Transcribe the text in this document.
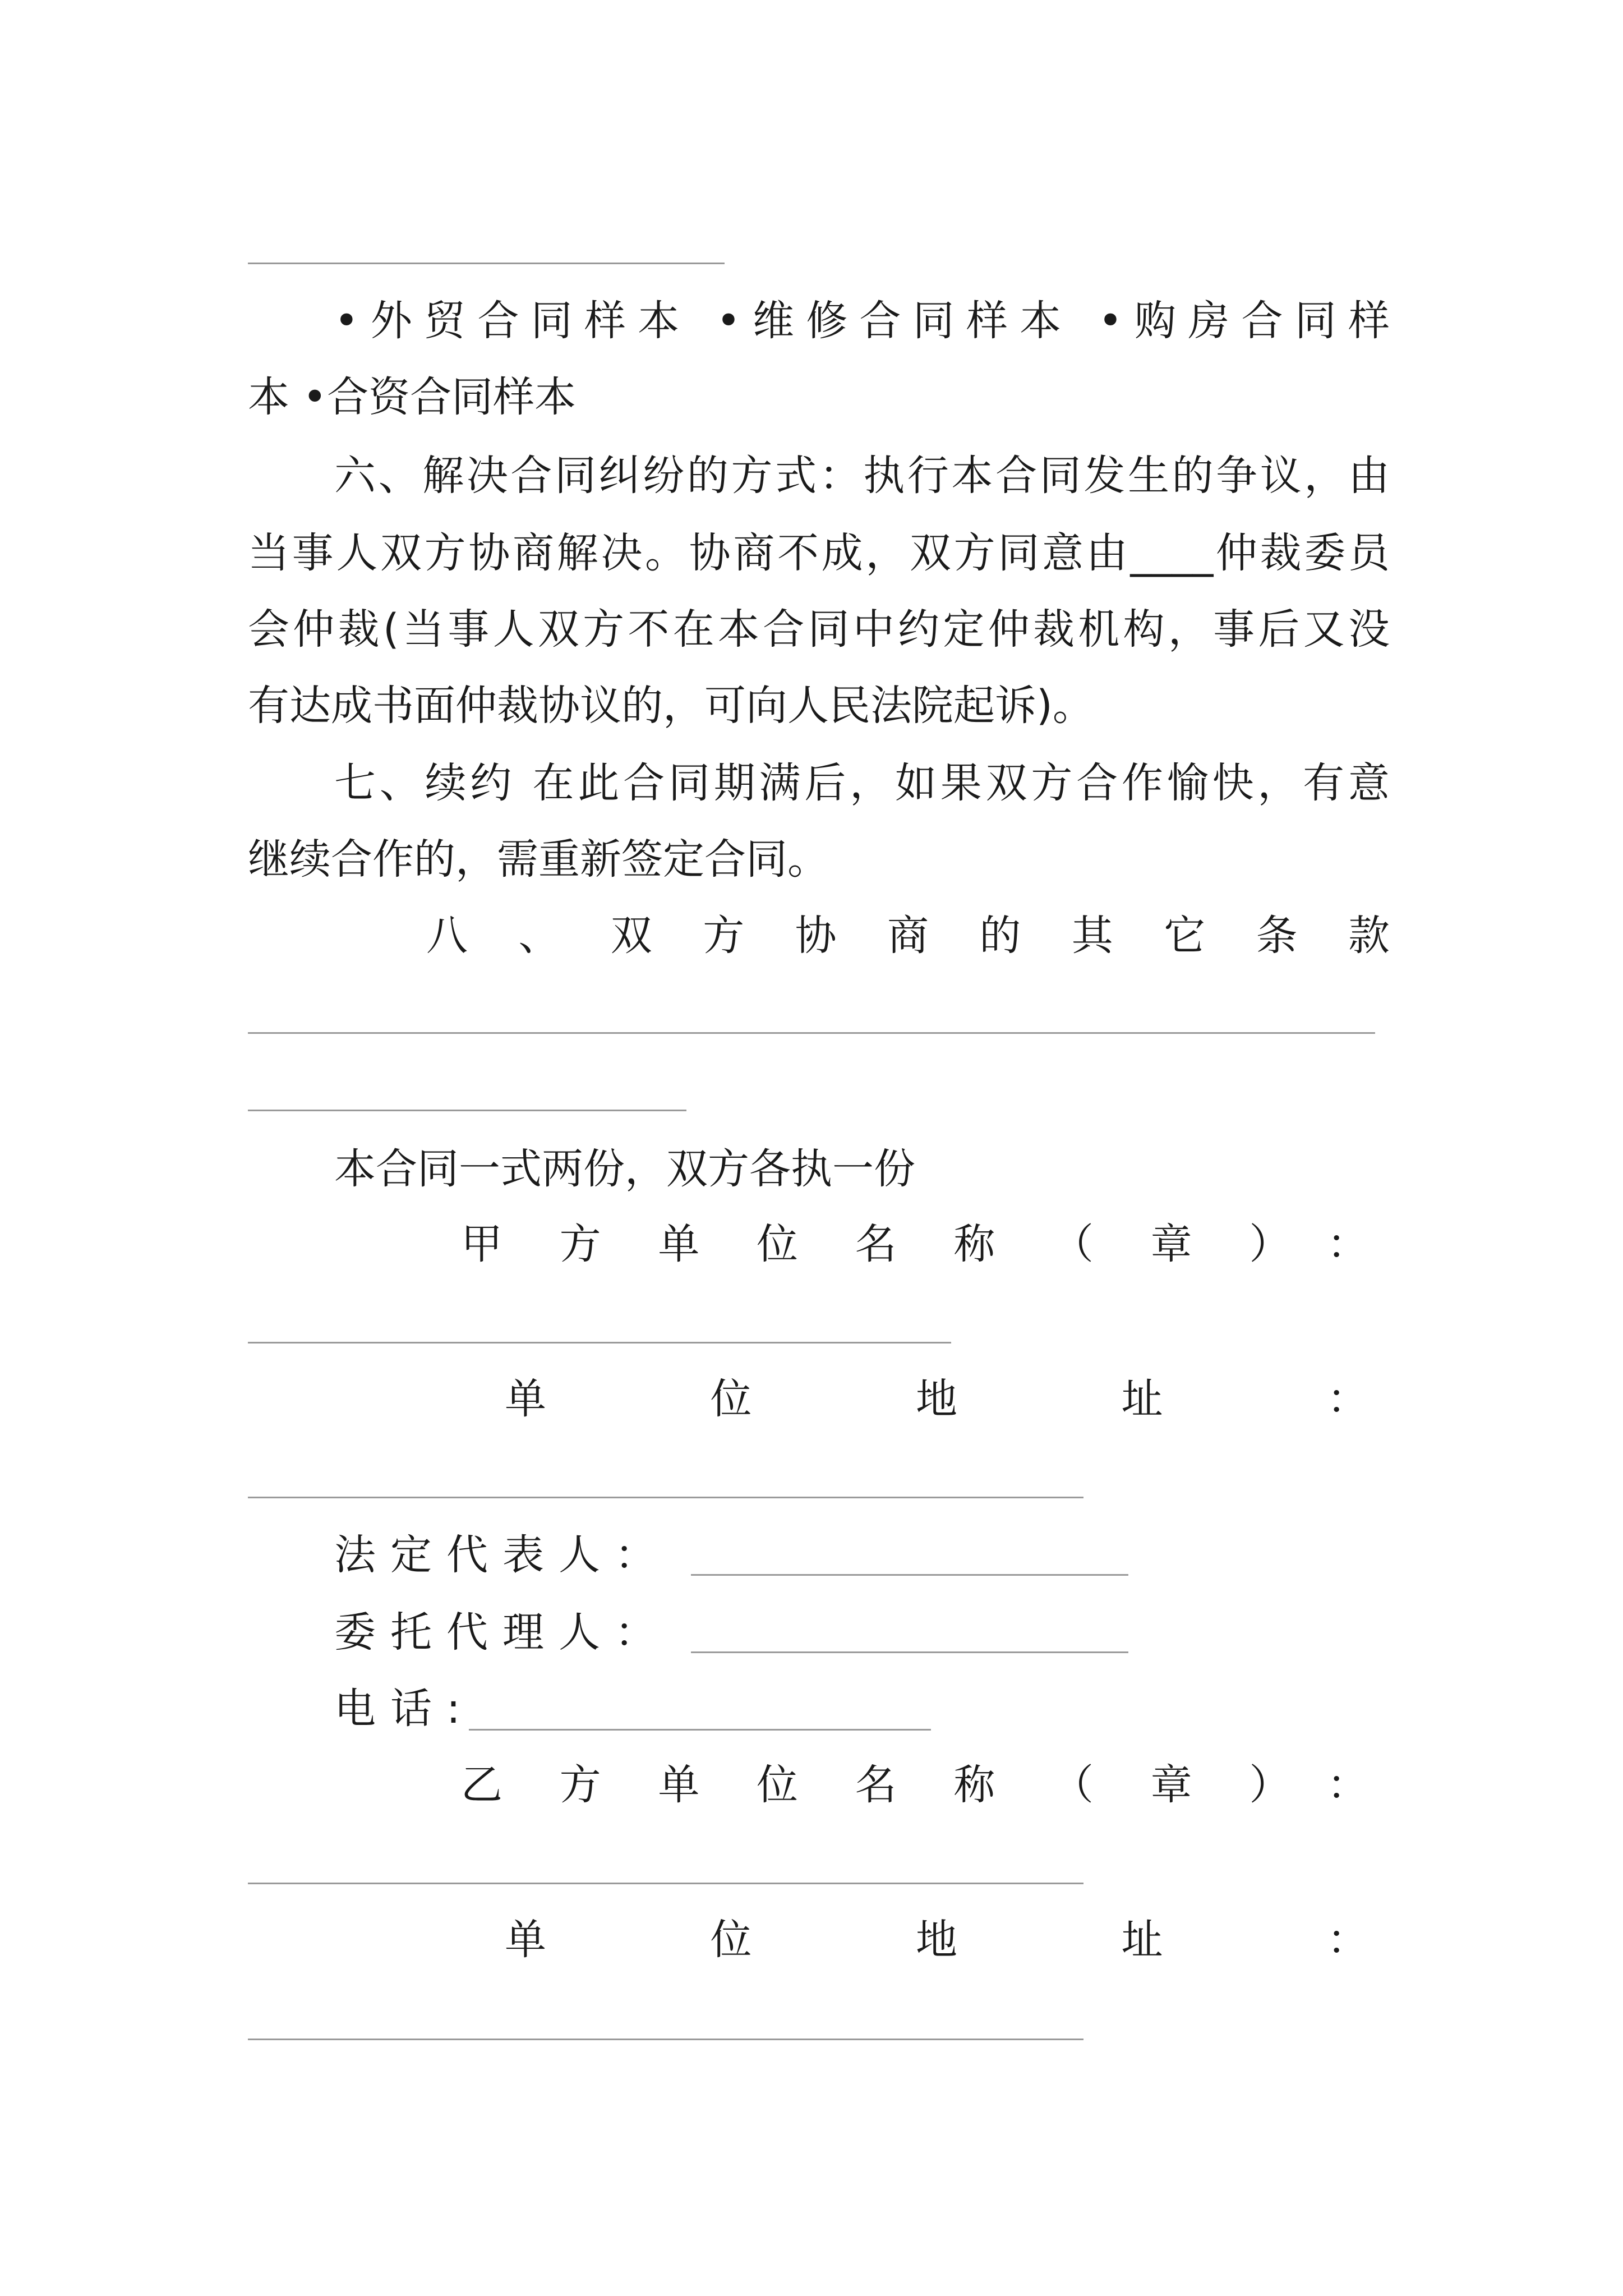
•外贸合同样本 •维修合同样本 •购房合同样
本 •合资合同样本
六、解决合同纠纷的方式：执行本合同发生的争议，由
当事人双方协商解决。协商不成，双方同意由____仲裁委员
会仲裁(当事人双方不在本合同中约定仲裁机构，事后又没
有达成书面仲裁协议的，可向人民法院起诉)。
七、续约 在此合同期满后，如果双方合作愉快，有意
继续合作的，需重新签定合同。
八、双方协商的其它条款
本合同一式两份，双方各执一份
甲方单位名称（章）：
单位地址：
法定代表人：
委托代理人：
电话:
乙方单位名称（章）：
单位地址：
